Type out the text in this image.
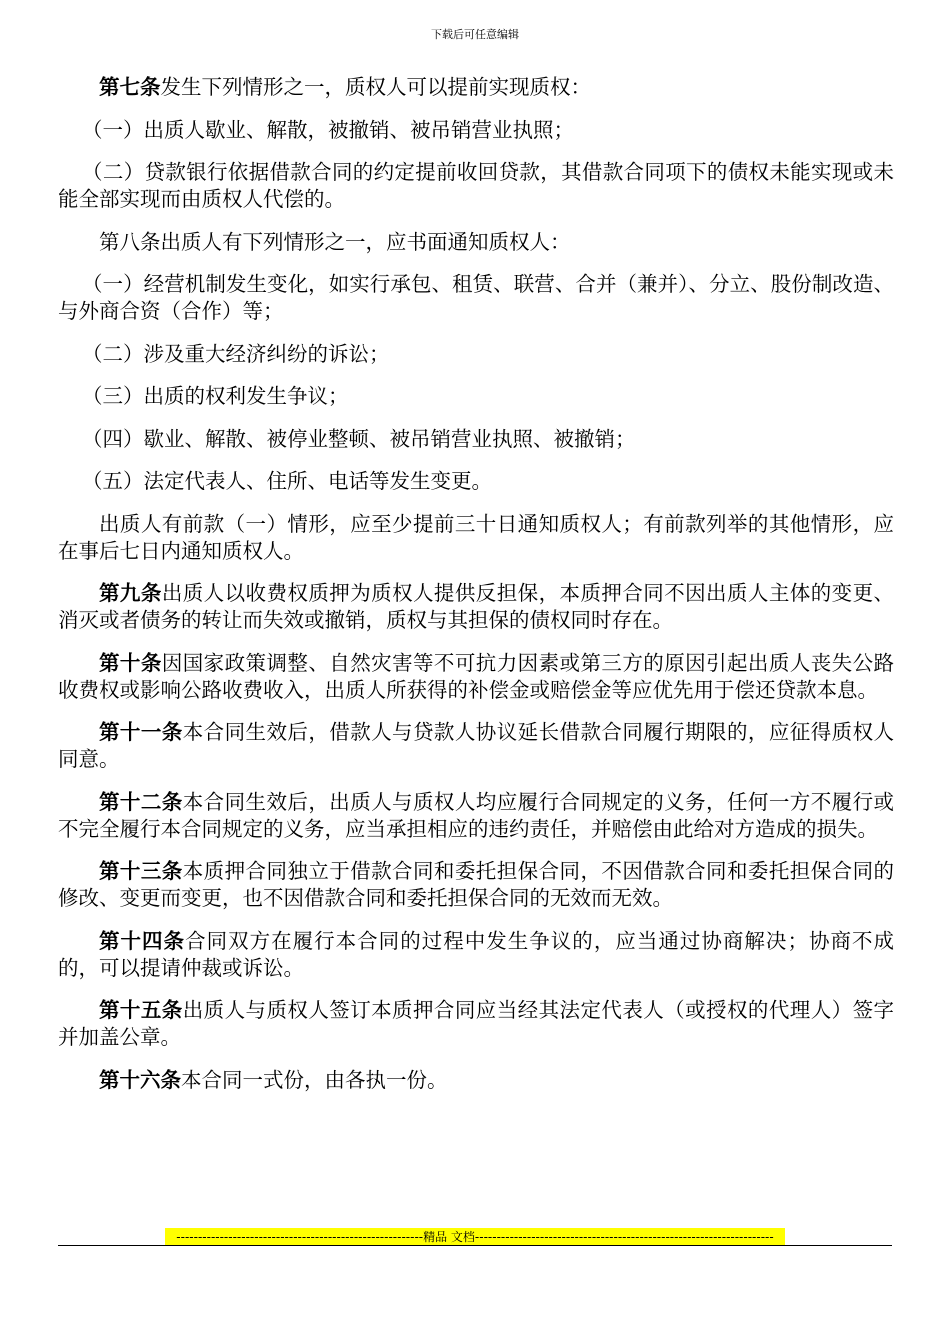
下载后可任意编辑

第七条发生下列情形之一，质权人可以提前实现质权：

（一）出质人歇业、解散，被撤销、被吊销营业执照；

（二）贷款银行依据借款合同的约定提前收回贷款，其借款合同项下的债权未能实现或未能全部实现而由质权人代偿的。

第八条出质人有下列情形之一，应书面通知质权人：

（一）经营机制发生变化，如实行承包、租赁、联营、合并（兼并）、分立、股份制改造、与外商合资（合作）等；

（二）涉及重大经济纠纷的诉讼；

（三）出质的权利发生争议；

（四）歇业、解散、被停业整顿、被吊销营业执照、被撤销；

（五）法定代表人、住所、电话等发生变更。

出质人有前款（一）情形，应至少提前三十日通知质权人；有前款列举的其他情形，应在事后七日内通知质权人。

第九条出质人以收费权质押为质权人提供反担保，本质押合同不因出质人主体的变更、消灭或者债务的转让而失效或撤销，质权与其担保的债权同时存在。

第十条因国家政策调整、自然灾害等不可抗力因素或第三方的原因引起出质人丧失公路收费权或影响公路收费收入，出质人所获得的补偿金或赔偿金等应优先用于偿还贷款本息。

第十一条本合同生效后，借款人与贷款人协议延长借款合同履行期限的，应征得质权人同意。

第十二条本合同生效后，出质人与质权人均应履行合同规定的义务，任何一方不履行或不完全履行本合同规定的义务，应当承担相应的违约责任，并赔偿由此给对方造成的损失。

第十三条本质押合同独立于借款合同和委托担保合同，不因借款合同和委托担保合同的修改、变更而变更，也不因借款合同和委托担保合同的无效而无效。

第十四条合同双方在履行本合同的过程中发生争议的，应当通过协商解决；协商不成的，可以提请仲裁或诉讼。

第十五条出质人与质权人签订本质押合同应当经其法定代表人（或授权的代理人）签字并加盖公章。

第十六条本合同一式份，由各执一份。

---------------------------------------------------------精品 文档---------------------------------------------------------------------
